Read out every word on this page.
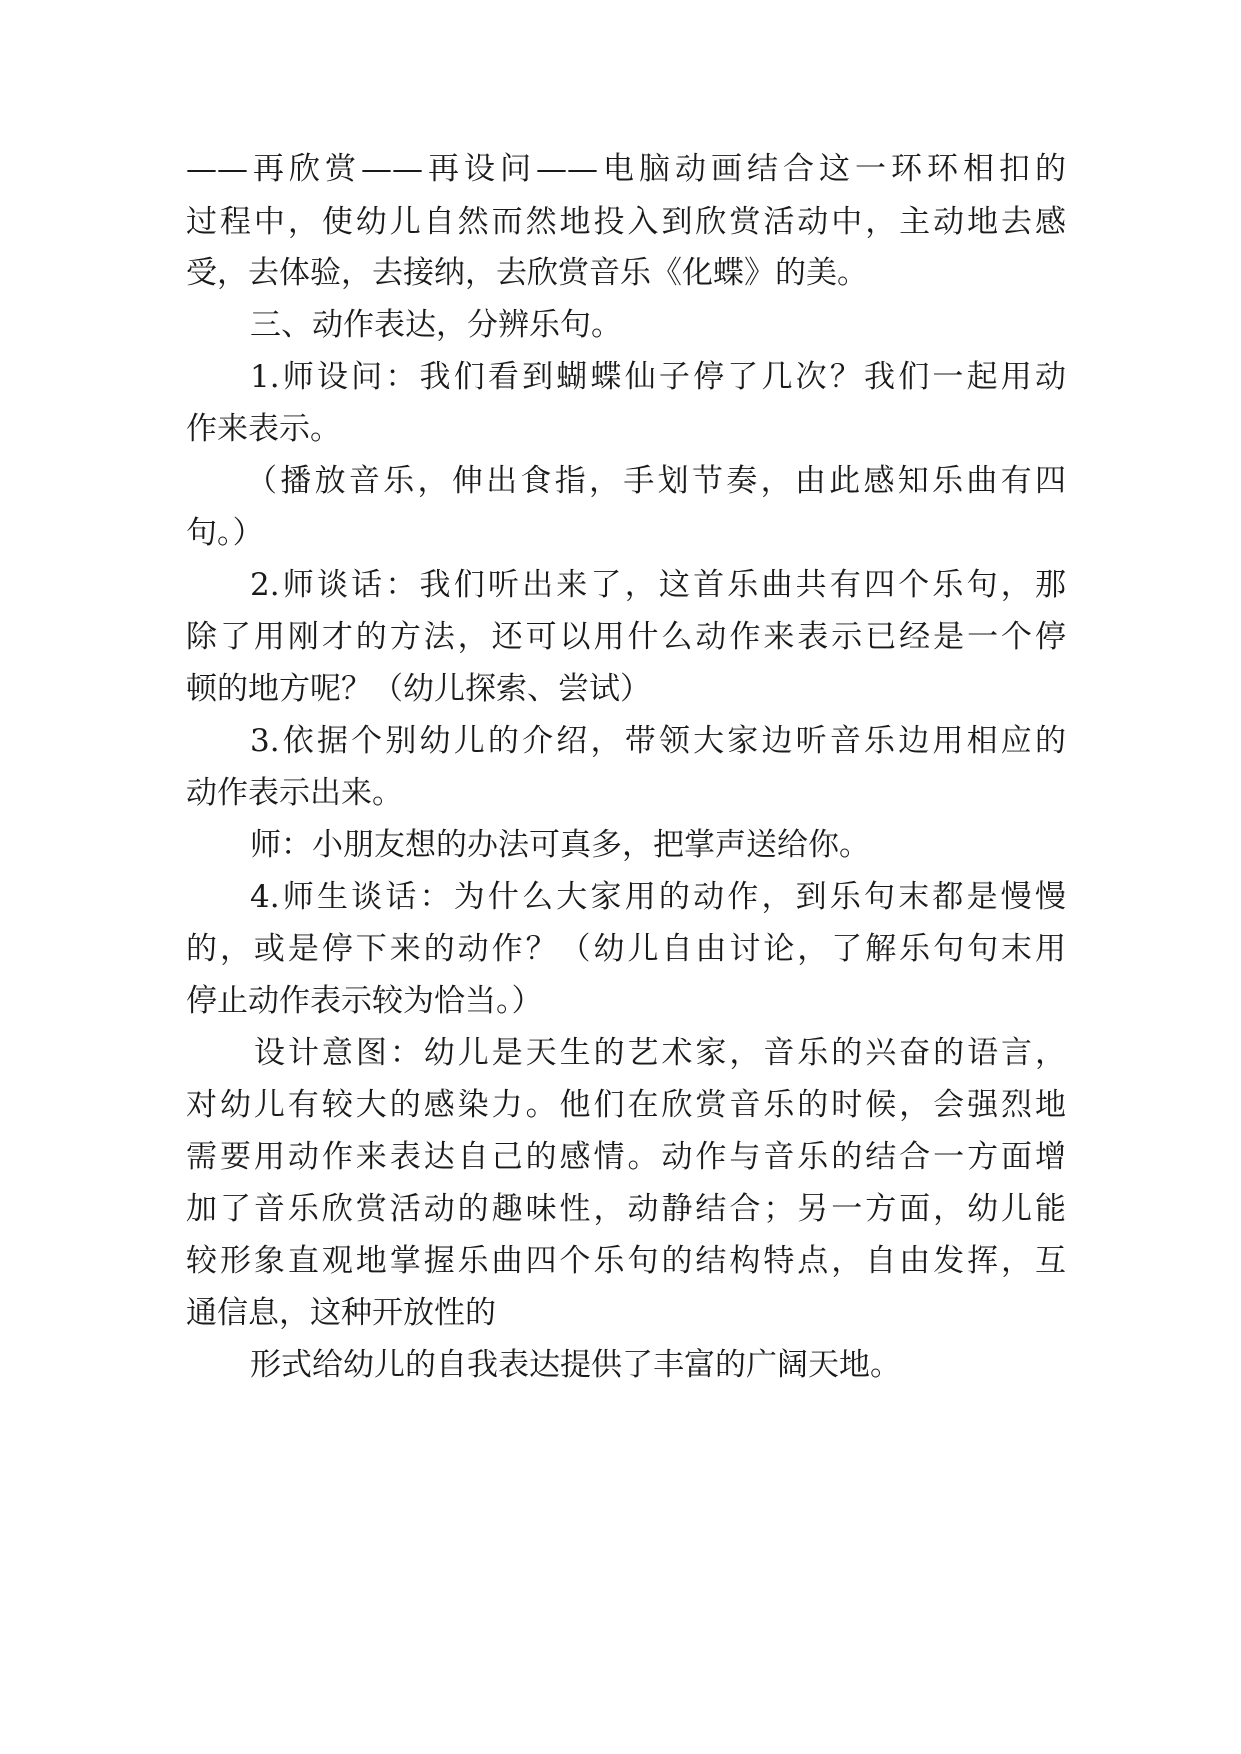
——再欣赏——再设问——电脑动画结合这一环环相扣的
过程中，使幼儿自然而然地投入到欣赏活动中，主动地去感
受，去体验，去接纳，去欣赏音乐《化蝶》的美。
三、动作表达，分辨乐句。
1.师设问：我们看到蝴蝶仙子停了几次？我们一起用动
作来表示。
（播放音乐，伸出食指，手划节奏，由此感知乐曲有四
句。）
2.师谈话：我们听出来了，这首乐曲共有四个乐句，那
除了用刚才的方法，还可以用什么动作来表示已经是一个停
顿的地方呢？（幼儿探索、尝试）
3.依据个别幼儿的介绍，带领大家边听音乐边用相应的
动作表示出来。
师：小朋友想的办法可真多，把掌声送给你。
4.师生谈话：为什么大家用的动作，到乐句末都是慢慢
的，或是停下来的动作？（幼儿自由讨论，了解乐句句末用
停止动作表示较为恰当。）
设计意图：幼儿是天生的艺术家，音乐的兴奋的语言，
对幼儿有较大的感染力。他们在欣赏音乐的时候，会强烈地
需要用动作来表达自己的感情。动作与音乐的结合一方面增
加了音乐欣赏活动的趣味性，动静结合；另一方面，幼儿能
较形象直观地掌握乐曲四个乐句的结构特点，自由发挥，互
通信息，这种开放性的
形式给幼儿的自我表达提供了丰富的广阔天地。
